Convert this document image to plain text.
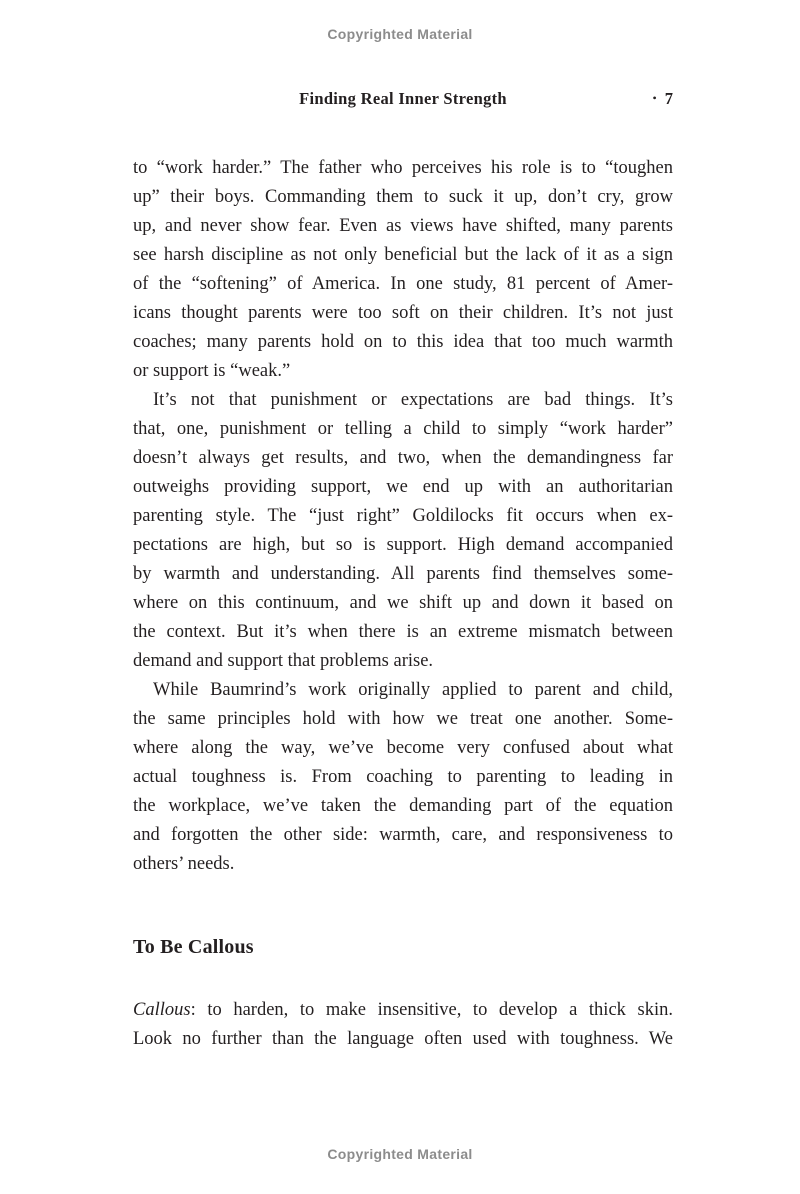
Copyrighted Material
Finding Real Inner Strength	• 7
to “work harder.” The father who perceives his role is to “toughen
up” their boys. Commanding them to suck it up, don’t cry, grow
up, and never show fear. Even as views have shifted, many parents
see harsh discipline as not only beneficial but the lack of it as a sign
of the “softening” of America. In one study, 81 percent of Amer-
icans thought parents were too soft on their children. It’s not just
coaches; many parents hold on to this idea that too much warmth
or support is “weak.”
It’s not that punishment or expectations are bad things. It’s
that, one, punishment or telling a child to simply “work harder”
doesn’t always get results, and two, when the demandingness far
outweighs providing support, we end up with an authoritarian
parenting style. The “just right” Goldilocks fit occurs when ex-
pectations are high, but so is support. High demand accompanied
by warmth and understanding. All parents find themselves some-
where on this continuum, and we shift up and down it based on
the context. But it’s when there is an extreme mismatch between
demand and support that problems arise.
While Baumrind’s work originally applied to parent and child,
the same principles hold with how we treat one another. Some-
where along the way, we’ve become very confused about what
actual toughness is. From coaching to parenting to leading in
the workplace, we’ve taken the demanding part of the equation
and forgotten the other side: warmth, care, and responsiveness to
others’ needs.
To Be Callous
Callous: to harden, to make insensitive, to develop a thick skin.
Look no further than the language often used with toughness. We
Copyrighted Material
